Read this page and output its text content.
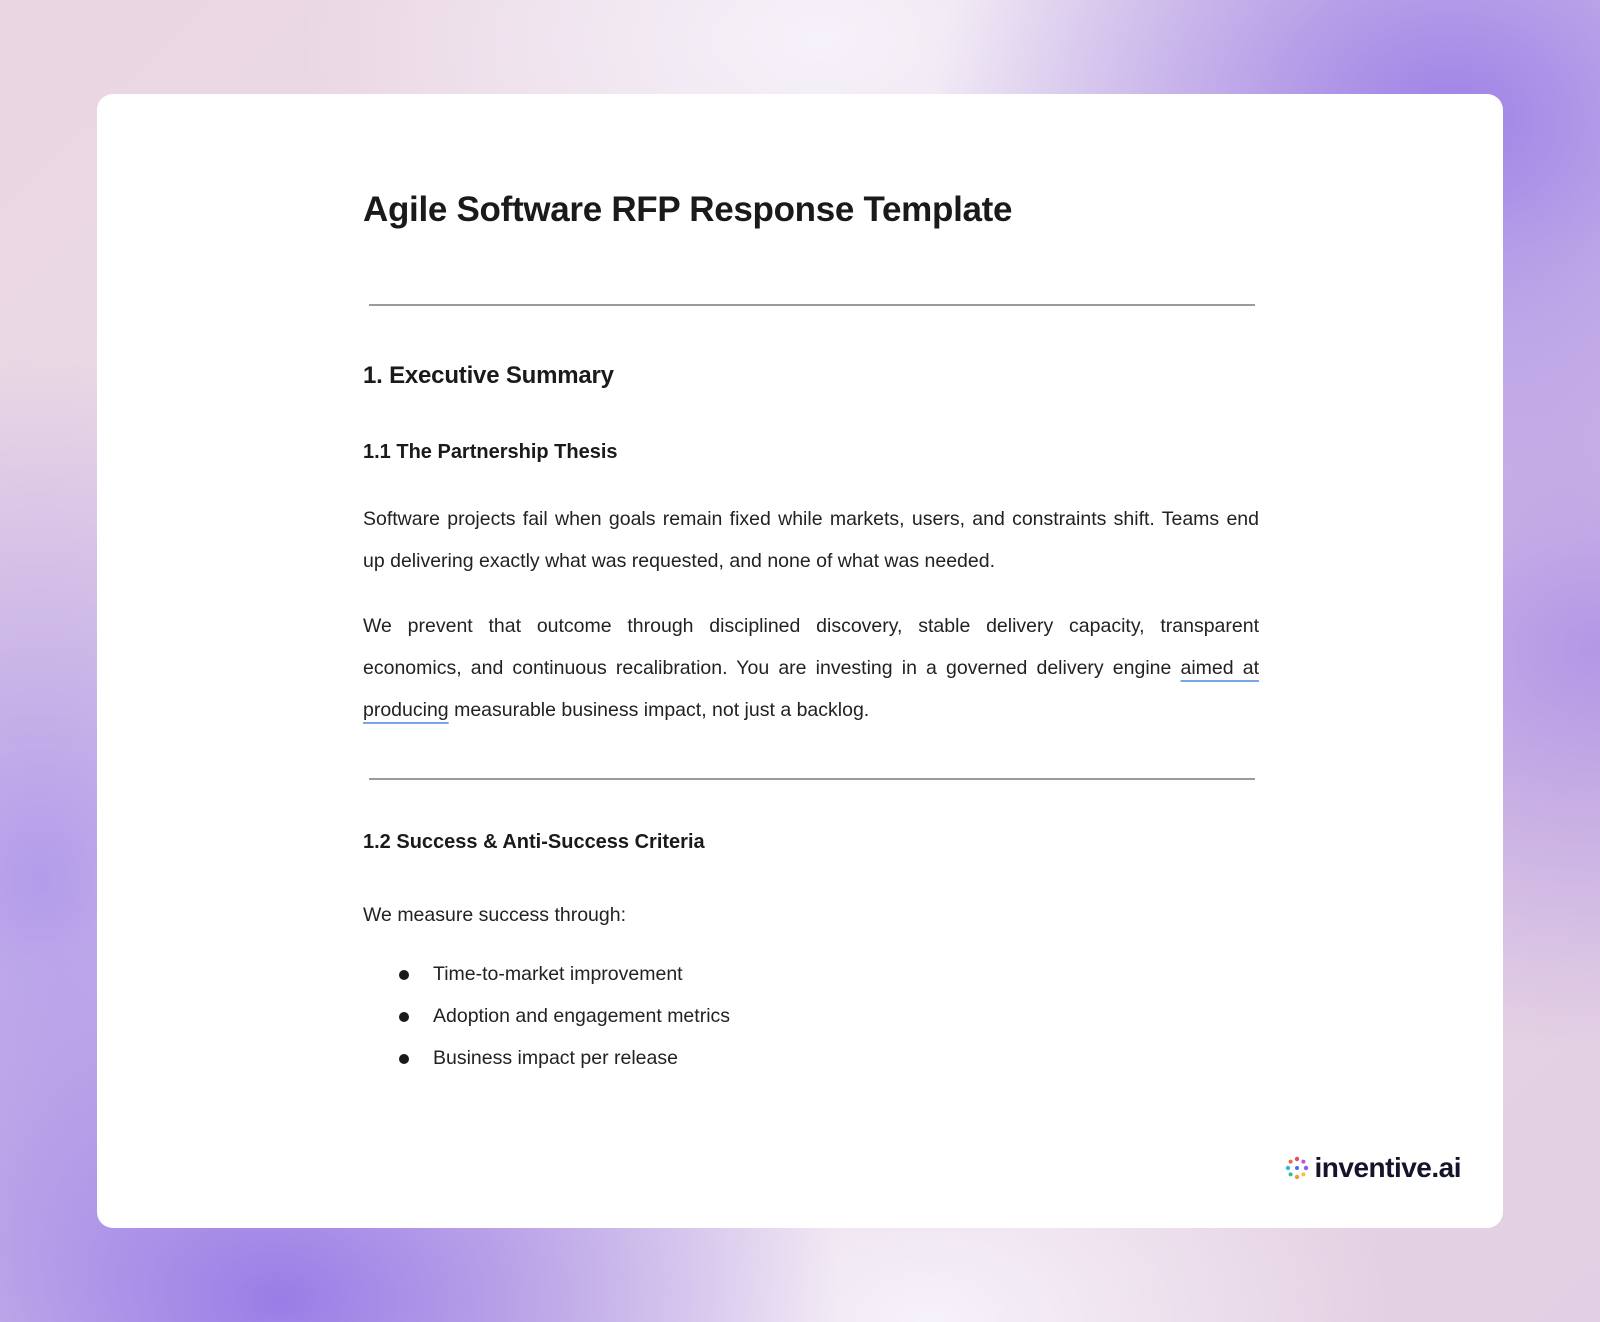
Agile Software RFP Response Template
1. Executive Summary
1.1 The Partnership Thesis

Software projects fail when goals remain fixed while markets, users, and constraints shift. Teams end up delivering exactly what was requested, and none of what was needed.

We prevent that outcome through disciplined discovery, stable delivery capacity, transparent economics, and continuous recalibration. You are investing in a governed delivery engine aimed at producing measurable business impact, not just a backlog.

1.2 Success & Anti-Success Criteria

We measure success through:

Time-to-market improvement
Adoption and engagement metrics
Business impact per release
inventive.ai
